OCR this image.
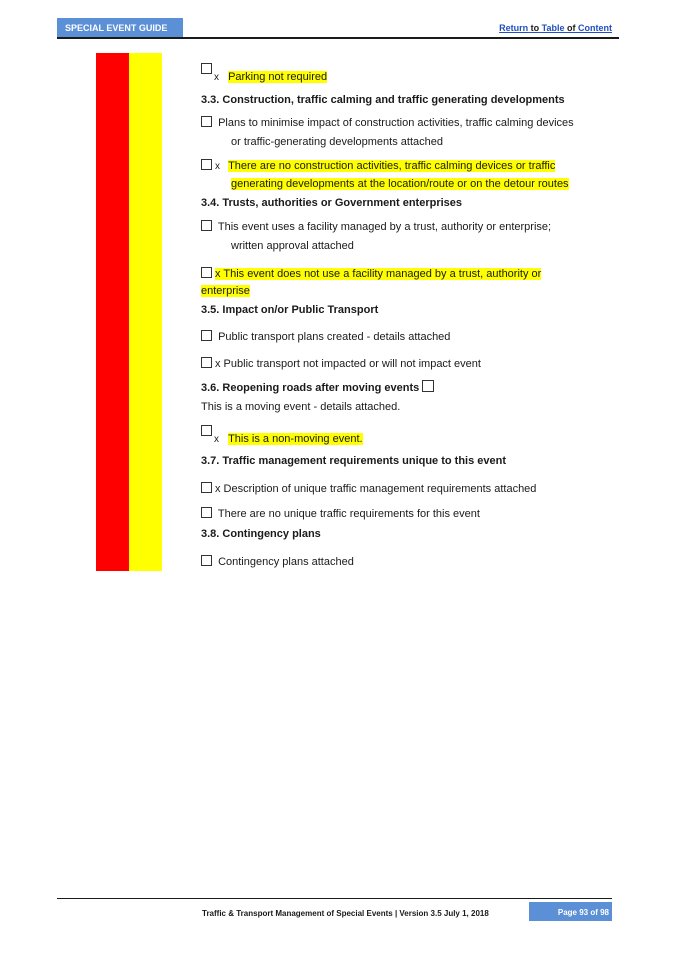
SPECIAL EVENT GUIDE	Return to Table of Content
x Parking not required
3.3. Construction, traffic calming and traffic generating developments
Plans to minimise impact of construction activities, traffic calming devices
or traffic-generating developments attached
x There are no construction activities, traffic calming devices or traffic
generating developments at the location/route or on the detour routes
3.4. Trusts, authorities or Government enterprises
This event uses a facility managed by a trust, authority or enterprise;
written approval attached
x This event does not use a facility managed by a trust, authority or
enterprise
3.5. Impact on/or Public Transport
Public transport plans created - details attached
x Public transport not impacted or will not impact event
3.6. Reopening roads after moving events
This is a moving event - details attached.
x This is a non-moving event.
3.7. Traffic management requirements unique to this event
x Description of unique traffic management requirements attached
There are no unique traffic requirements for this event
3.8. Contingency plans
Contingency plans attached
Traffic & Transport Management of Special Events | Version 3.5 July 1, 2018	Page 93 of 98
